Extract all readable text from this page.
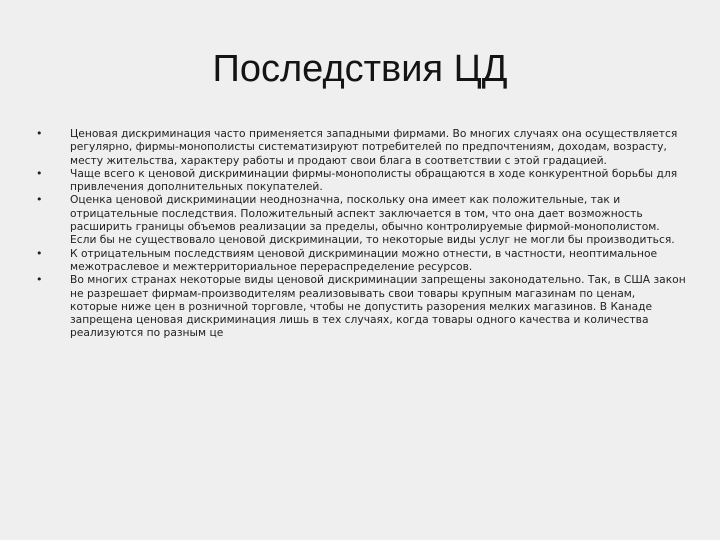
Последствия ЦД
•	Ценовая дискриминация часто применяется западными фирмами. Во многих случаях она осуществляется регулярно, фирмы-монополисты систематизируют потребителей по предпочтениям, доходам, возрасту, месту жительства, характеру работы и продают свои блага в соответствии с этой градацией.
•	Чаще всего к ценовой дискриминации фирмы-монополисты обращаются в ходе конкурентной борьбы для привлечения дополнительных покупателей.
•	Оценка ценовой дискриминации неоднозначна, поскольку она имеет как положительные, так и отрицательные последствия. Положительный аспект заключается в том, что она дает возможность расширить границы объемов реализации за пределы, обычно контролируемые фирмой-монополистом. Если бы не существовало ценовой дискриминации, то некоторые виды услуг не могли бы производиться.
•	К отрицательным последствиям ценовой дискриминации можно отнести, в частности, неоптимальное межотраслевое и межтерриториальное перераспределение ресурсов.
•	Во многих странах некоторые виды ценовой дискриминации запрещены законодательно. Так, в США закон не разрешает фирмам-производителям реализовывать свои товары крупным магазинам по ценам, которые ниже цен в розничной торговле, чтобы не допустить разорения мелких магазинов. В Канаде запрещена ценовая дискриминация лишь в тех случаях, когда товары одного качества и количества реализуются по разным це
